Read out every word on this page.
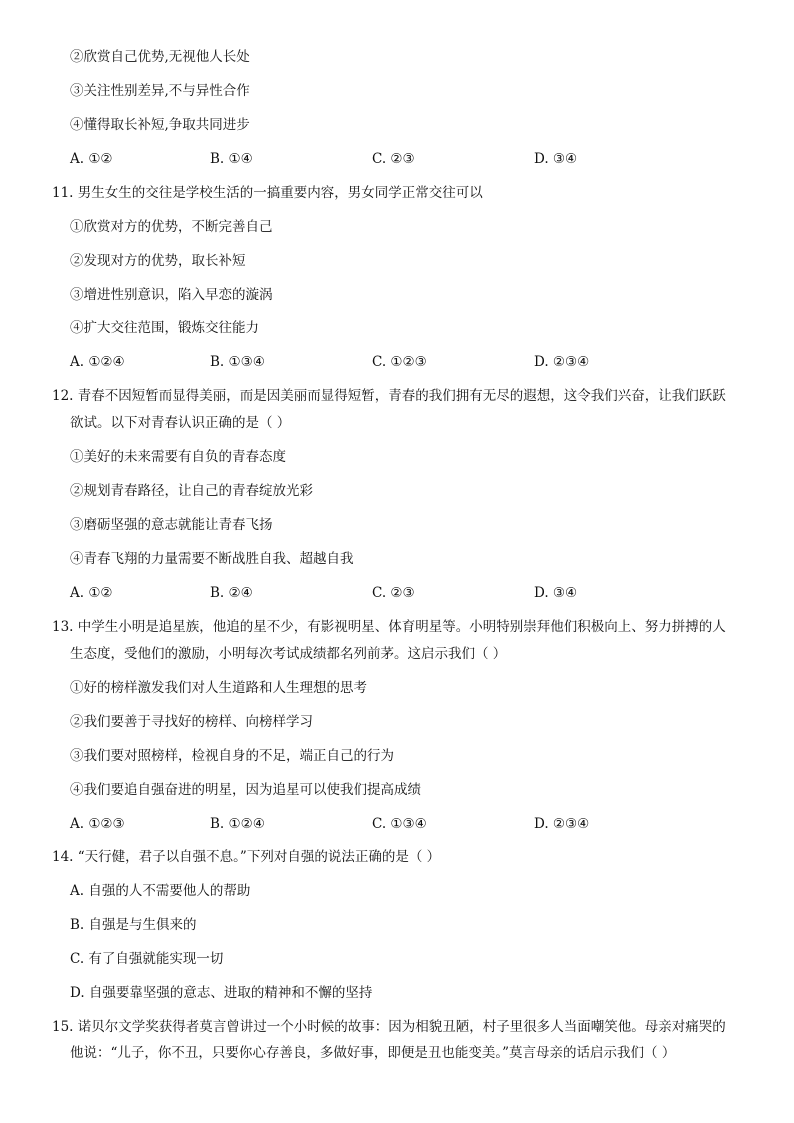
②欣赏自己优势,无视他人长处
③关注性别差异,不与异性合作
④懂得取长补短,争取共同进步
A. ①②	B. ①④	C. ②③	D. ③④
11. 男生女生的交往是学校生活的一搞重要内容，男女同学正常交往可以
①欣赏对方的优势，不断完善自己
②发现对方的优势，取长补短
③增进性别意识，陷入早恋的漩涡
④扩大交往范围，锻炼交往能力
A. ①②④	B. ①③④	C. ①②③	D. ②③④
12. 青春不因短暂而显得美丽，而是因美丽而显得短暂，青春的我们拥有无尽的遐想，这令我们兴奋，让我们跃跃
欲试。以下对青春认识正确的是（ ）
①美好的未来需要有自负的青春态度
②规划青春路径，让自己的青春绽放光彩
③磨砺坚强的意志就能让青春飞扬
④青春飞翔的力量需要不断战胜自我、超越自我
A. ①②	B. ②④	C. ②③	D. ③④
13. 中学生小明是追星族，他追的星不少，有影视明星、体育明星等。小明特别崇拜他们积极向上、努力拼搏的人
生态度，受他们的激励，小明每次考试成绩都名列前茅。这启示我们（ ）
①好的榜样激发我们对人生道路和人生理想的思考
②我们要善于寻找好的榜样、向榜样学习
③我们要对照榜样，检视自身的不足，端正自己的行为
④我们要追自强奋进的明星，因为追星可以使我们提高成绩
A. ①②③	B. ①②④	C. ①③④	D. ②③④
14. “天行健，君子以自强不息。”下列对自强的说法正确的是（ ）
A. 自强的人不需要他人的帮助
B. 自强是与生俱来的
C. 有了自强就能实现一切
D. 自强要靠坚强的意志、进取的精神和不懈的坚持
15. 诺贝尔文学奖获得者莫言曾讲过一个小时候的故事：因为相貌丑陋，村子里很多人当面嘲笑他。母亲对痛哭的
他说：“儿子，你不丑，只要你心存善良，多做好事，即便是丑也能变美。”莫言母亲的话启示我们（ ）
